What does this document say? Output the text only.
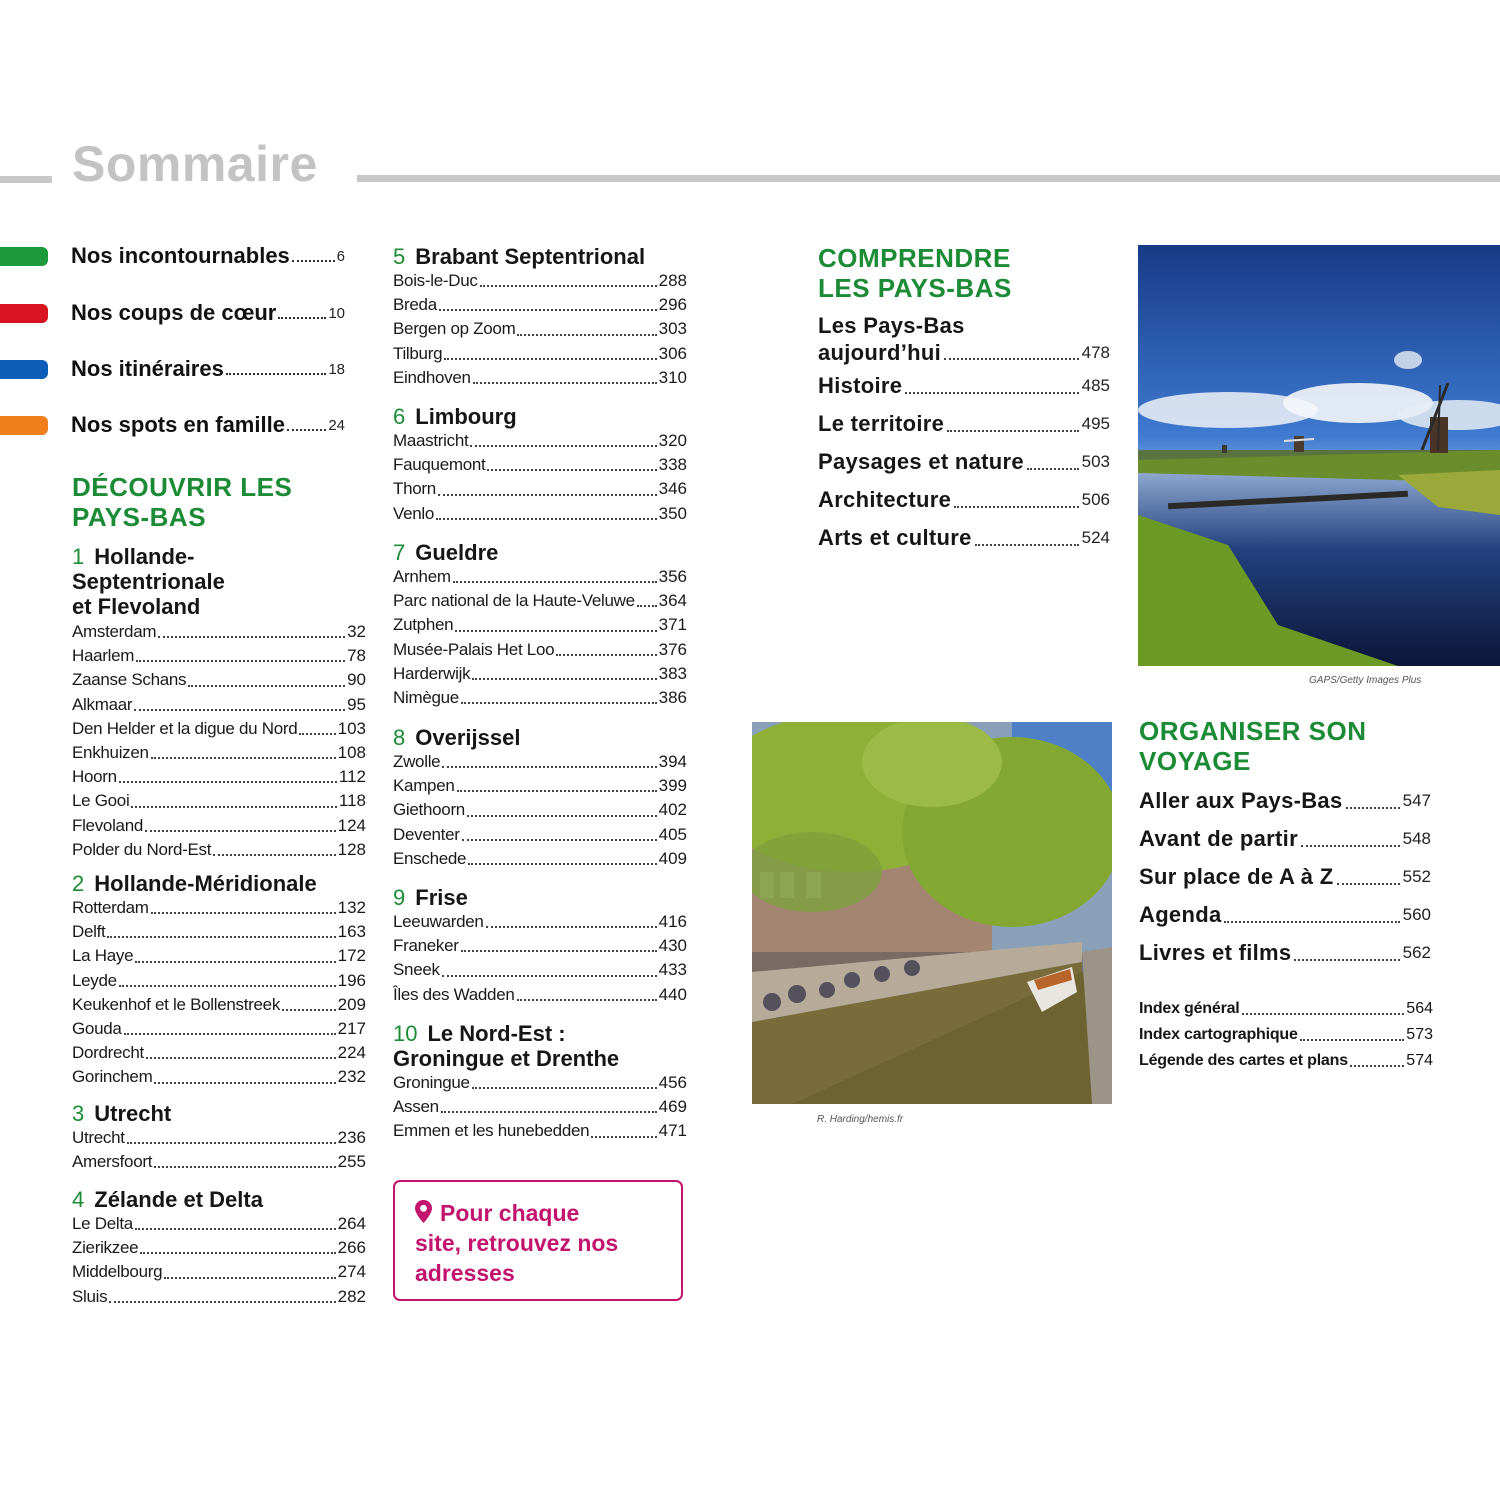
Sommaire
Nos incontournables	6
Nos coups de cœur	10
Nos itinéraires	18
Nos spots en famille	24
DÉCOUVRIR LES
PAYS-BAS
1 Hollande-
Septentrionale
et Flevoland
Amsterdam	32
Haarlem	78
Zaanse Schans	90
Alkmaar	95
Den Helder et la digue du Nord 103
Enkhuizen	108
Hoorn	112
Le Gooi	118
Flevoland	124
Polder du Nord-Est	128
2 Hollande-Méridionale
Rotterdam	132
Delft	163
La Haye	172
Leyde	196
Keukenhof et le Bollenstreek	209
Gouda	217
Dordrecht	224
Gorinchem	232
3 Utrecht
Utrecht	236
Amersfoort	255
4 Zélande et Delta
Le Delta	264
Zierikzee	266
Middelbourg	274
Sluis	282
5 Brabant Septentrional
Bois-le-Duc	288
Breda	296
Bergen op Zoom	303
Tilburg	306
Eindhoven	310
6 Limbourg
Maastricht	320
Fauquemont	338
Thorn	346
Venlo	350
7 Gueldre
Arnhem	356
Parc national de la Haute-Veluwe 364
Zutphen	371
Musée-Palais Het Loo	376
Harderwijk	383
Nimègue	386
8 Overijssel
Zwolle	394
Kampen	399
Giethoorn	402
Deventer	405
Enschede	409
9 Frise
Leeuwarden	416
Franeker	430
Sneek	433
Îles des Wadden	440
10 Le Nord-Est :
Groningue et Drenthe
Groningue	456
Assen	469
Emmen et les hunebedden	471
Pour chaque
site, retrouvez nos
adresses
COMPRENDRE
LES PAYS-BAS
Les Pays-Bas
aujourd’hui	478
Histoire	485
Le territoire	495
Paysages et nature	503
Architecture	506
Arts et culture	524
GAPS/Getty Images Plus
R. Harding/hemis.fr
ORGANISER SON
VOYAGE
Aller aux Pays-Bas	547
Avant de partir	548
Sur place de A à Z	552
Agenda	560
Livres et films	562
Index général	564
Index cartographique	573
Légende des cartes et plans	574
